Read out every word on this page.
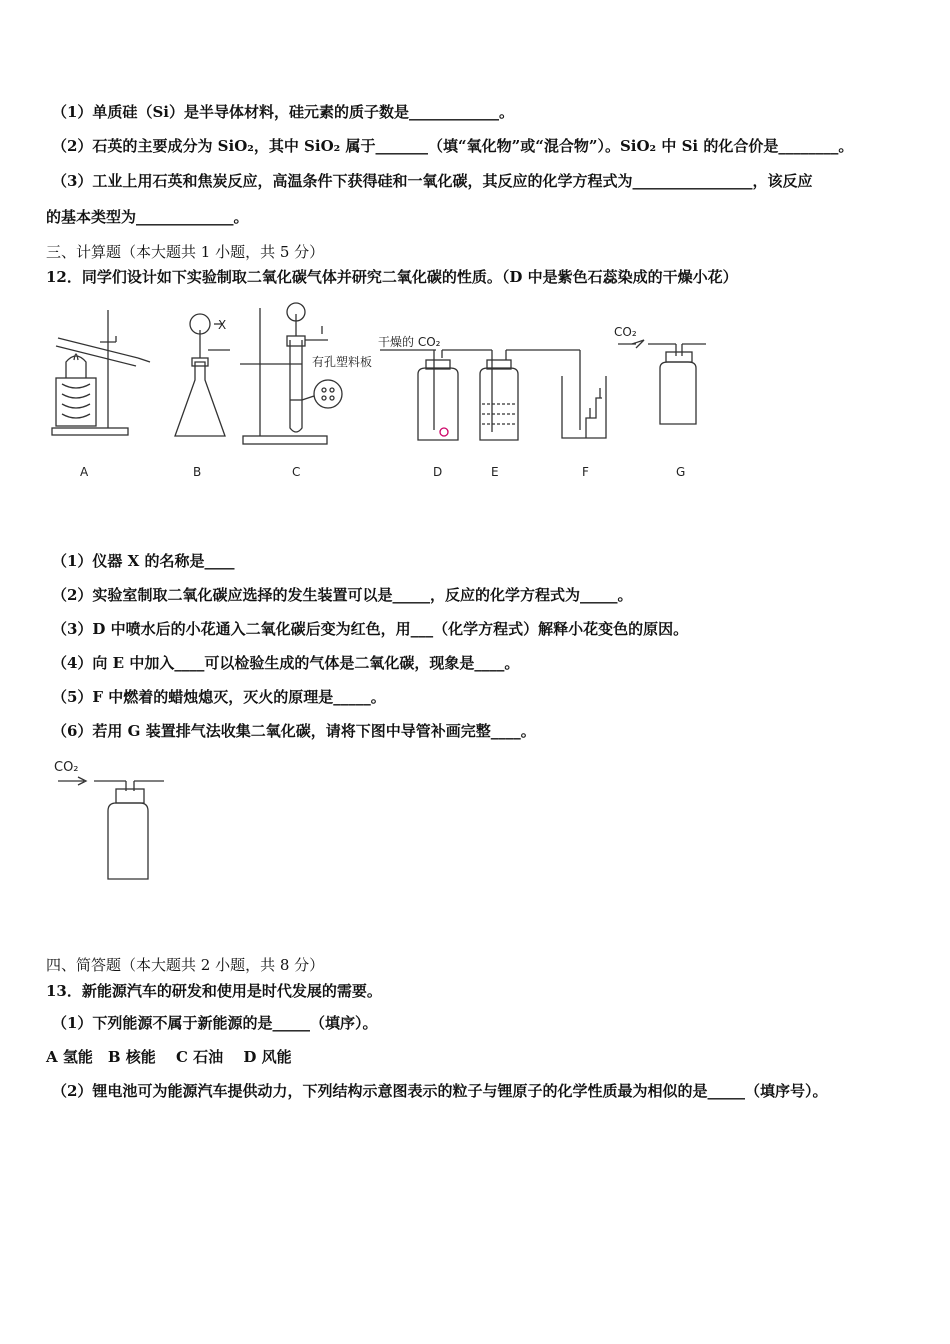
（1）单质硅（Si）是半导体材料，硅元素的质子数是____________。
（2）石英的主要成分为 SiO₂，其中 SiO₂ 属于_______（填“氧化物”或“混合物”）。SiO₂ 中 Si 的化合价是________。
（3）工业上用石英和焦炭反应，高温条件下获得硅和一氧化碳，其反应的化学方程式为________________，该反应
的基本类型为_____________。
三、计算题（本大题共 1 小题，共 5 分）
12．同学们设计如下实验制取二氧化碳气体并研究二氧化碳的性质。（D 中是紫色石蕊染成的干燥小花）
X
有孔塑料板
干燥的 CO₂
CO₂
A	B	C	D	E	F	G
（1）仪器 X 的名称是____
（2）实验室制取二氧化碳应选择的发生装置可以是_____，反应的化学方程式为_____。
（3）D 中喷水后的小花通入二氧化碳后变为红色，用___（化学方程式）解释小花变色的原因。
（4）向 E 中加入____可以检验生成的气体是二氧化碳，现象是____。
（5）F 中燃着的蜡烛熄灭，灭火的原理是_____。
（6）若用 G 装置排气法收集二氧化碳，请将下图中导管补画完整____。
CO₂
四、简答题（本大题共 2 小题，共 8 分）
13．新能源汽车的研发和使用是时代发展的需要。
（1）下列能源不属于新能源的是_____（填序）。
A 氢能　B 核能　 C 石油　 D 风能
（2）锂电池可为能源汽车提供动力，下列结构示意图表示的粒子与锂原子的化学性质最为相似的是_____（填序号）。
